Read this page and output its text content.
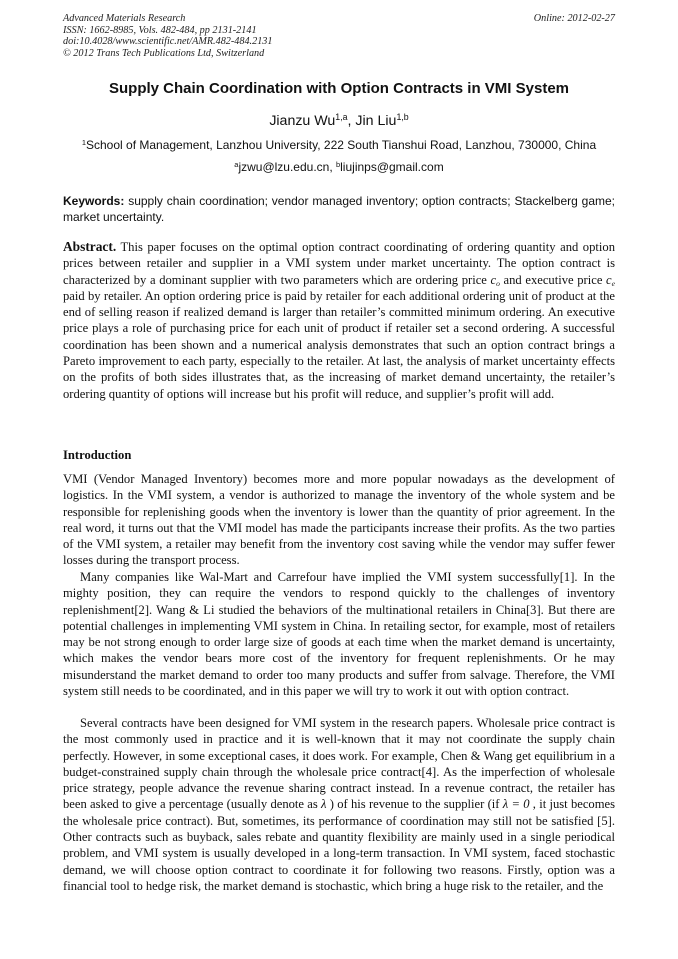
Advanced Materials Research
ISSN: 1662-8985, Vols. 482-484, pp 2131-2141
doi:10.4028/www.scientific.net/AMR.482-484.2131
© 2012 Trans Tech Publications Ltd, Switzerland
Online: 2012-02-27
Supply Chain Coordination with Option Contracts in VMI System
Jianzu Wu$^{1,a}$, Jin Liu$^{1,b}$
$^1$School of Management, Lanzhou University, 222 South Tianshui Road, Lanzhou, 730000, China
$^a$jzwu@lzu.edu.cn, $^b$liujinps@gmail.com
Keywords: supply chain coordination; vendor managed inventory; option contracts; Stackelberg game; market uncertainty.
Abstract. This paper focuses on the optimal option contract coordinating of ordering quantity and option prices between retailer and supplier in a VMI system under market uncertainty. The option contract is characterized by a dominant supplier with two parameters which are ordering price $c_o$ and executive price $c_e$ paid by retailer. An option ordering price is paid by retailer for each additional ordering unit of product at the end of selling reason if realized demand is larger than retailer’s committed minimum ordering. An executive price plays a role of purchasing price for each unit of product if retailer set a second ordering. A successful coordination has been shown and a numerical analysis demonstrates that such an option contract brings a Pareto improvement to each party, especially to the retailer. At last, the analysis of market uncertainty effects on the profits of both sides illustrates that, as the increasing of market demand uncertainty, the retailer’s ordering quantity of options will increase but his profit will reduce, and supplier’s profit will add.
Introduction

VMI (Vendor Managed Inventory) becomes more and more popular nowadays as the development of logistics. In the VMI system, a vendor is authorized to manage the inventory of the whole system and be responsible for replenishing goods when the inventory is lower than the quantity of prior agreement. In the real word, it turns out that the VMI model has made the participants increase their profits. As the two parties of the VMI system, a retailer may benefit from the inventory cost saving while the vendor may suffer fewer losses during the transport process.

Many companies like Wal-Mart and Carrefour have implied the VMI system successfully[1]. In the mighty position, they can require the vendors to respond quickly to the challenges of inventory replenishment[2]. Wang & Li studied the behaviors of the multinational retailers in China[3]. But there are potential challenges in implementing VMI system in China. In retailing sector, for example, most of retailers may be not strong enough to order large size of goods at each time when the market demand is uncertainty, which makes the vendor bears more cost of the inventory for frequent replenishments. Or he may misunderstand the market demand to order too many products and suffer from salvage. Therefore, the VMI system still needs to be coordinated, and in this paper we will try to work it out with option contract.

Several contracts have been designed for VMI system in the research papers. Wholesale price contract is the most commonly used in practice and it is well-known that it may not coordinate the supply chain perfectly. However, in some exceptional cases, it does work. For example, Chen & Wang get equilibrium in a budget-constrained supply chain through the wholesale price contract[4]. As the imperfection of wholesale price strategy, people advance the revenue sharing contract instead. In a revenue contract, the retailer has been asked to give a percentage (usually denote as λ ) of his revenue to the supplier (if λ = 0 , it just becomes the wholesale price contract). But, sometimes, its performance of coordination may still not be satisfied [5]. Other contracts such as buyback, sales rebate and quantity flexibility are mainly used in a single periodical problem, and VMI system is usually developed in a long-term transaction. In VMI system, faced stochastic demand, we will choose option contract to coordinate it for following two reasons. Firstly, option was a financial tool to hedge risk, the market demand is stochastic, which bring a huge risk to the retailer, and the
